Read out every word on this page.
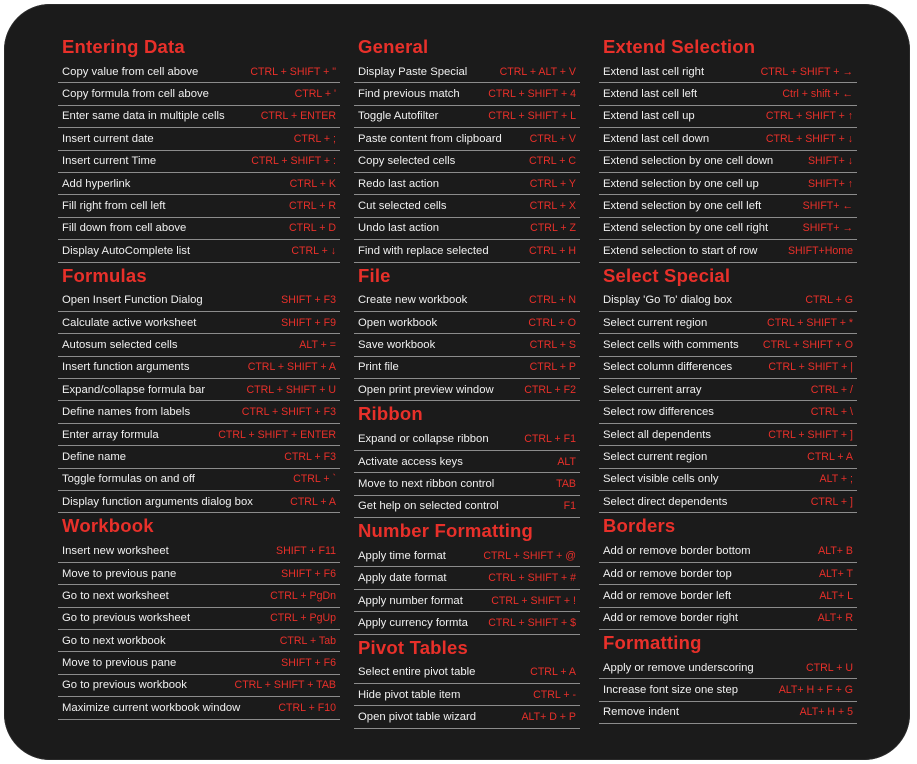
Entering Data
Copy value from cell above	CTRL + SHIFT + "
Copy formula from cell above	CTRL + '
Enter same data in multiple cells	CTRL + ENTER
Insert current date	CTRL + ;
Insert current Time	CTRL + SHIFT + :
Add hyperlink	CTRL + K
Fill right from cell left	CTRL + R
Fill down from cell above	CTRL + D
Display AutoComplete list	CTRL + ↓
Formulas
Open Insert Function Dialog	SHIFT + F3
Calculate active worksheet	SHIFT + F9
Autosum selected cells	ALT + =
Insert function arguments	CTRL + SHIFT + A
Expand/collapse formula bar	CTRL + SHIFT + U
Define names from labels	CTRL + SHIFT + F3
Enter array formula	CTRL + SHIFT + ENTER
Define name	CTRL + F3
Toggle formulas on and off	CTRL + `
Display function arguments dialog box	CTRL + A
Workbook
Insert new worksheet	SHIFT + F11
Move to previous pane	SHIFT + F6
Go to next worksheet	CTRL + PgDn
Go to previous worksheet	CTRL + PgUp
Go to next workbook	CTRL + Tab
Move to previous pane	SHIFT + F6
Go to previous workbook	CTRL + SHIFT + TAB
Maximize current workbook window	CTRL + F10
General
Display Paste Special	CTRL + ALT + V
Find previous match	CTRL + SHIFT + 4
Toggle Autofilter	CTRL + SHIFT + L
Paste content from clipboard	CTRL + V
Copy selected cells	CTRL + C
Redo last action	CTRL + Y
Cut selected cells	CTRL + X
Undo last action	CTRL + Z
Find with replace selected	CTRL + H
File
Create new workbook	CTRL + N
Open workbook	CTRL + O
Save workbook	CTRL + S
Print file	CTRL + P
Open print preview window	CTRL + F2
Ribbon
Expand or collapse ribbon	CTRL + F1
Activate access keys	ALT
Move to next ribbon control	TAB
Get help on selected control	F1
Number Formatting
Apply time format	CTRL + SHIFT + @
Apply date format	CTRL + SHIFT + #
Apply number format	CTRL + SHIFT + !
Apply currency formta CTRL + SHIFT + $
Pivot Tables
Select entire pivot table	CTRL + A
Hide pivot table item	CTRL + -
Open pivot table wizard	ALT+ D + P
Extend Selection
Extend last cell right	CTRL + SHIFT + →
Extend last cell left	Ctrl + shift + ←
Extend last cell up	CTRL + SHIFT + ↑
Extend last cell down	CTRL + SHIFT + ↓
Extend selection by one cell down	SHIFT+ ↓
Extend selection by one cell up	SHIFT+ ↑
Extend selection by one cell left	SHIFT+ ←
Extend selection by one cell right	SHIFT+ →
Extend selection to start of row	SHIFT+Home
Select Special
Display 'Go To' dialog box	CTRL + G
Select current region	CTRL + SHIFT + *
Select cells with comments CTRL + SHIFT + O
Select column differences	CTRL + SHIFT + |
Select current array	CTRL + /
Select row differences	CTRL + \
Select all dependents	CTRL + SHIFT + ]
Select current region	CTRL + A
Select visible cells only	ALT + ;
Select direct dependents	CTRL + ]
Borders
Add or remove border bottom	ALT+ B
Add or remove border top	ALT+ T
Add or remove border left	ALT+ L
Add or remove border right	ALT+ R
Formatting
Apply or remove underscoring	CTRL + U
Increase font size one step	ALT+ H + F + G
Remove indent	ALT+ H + 5
